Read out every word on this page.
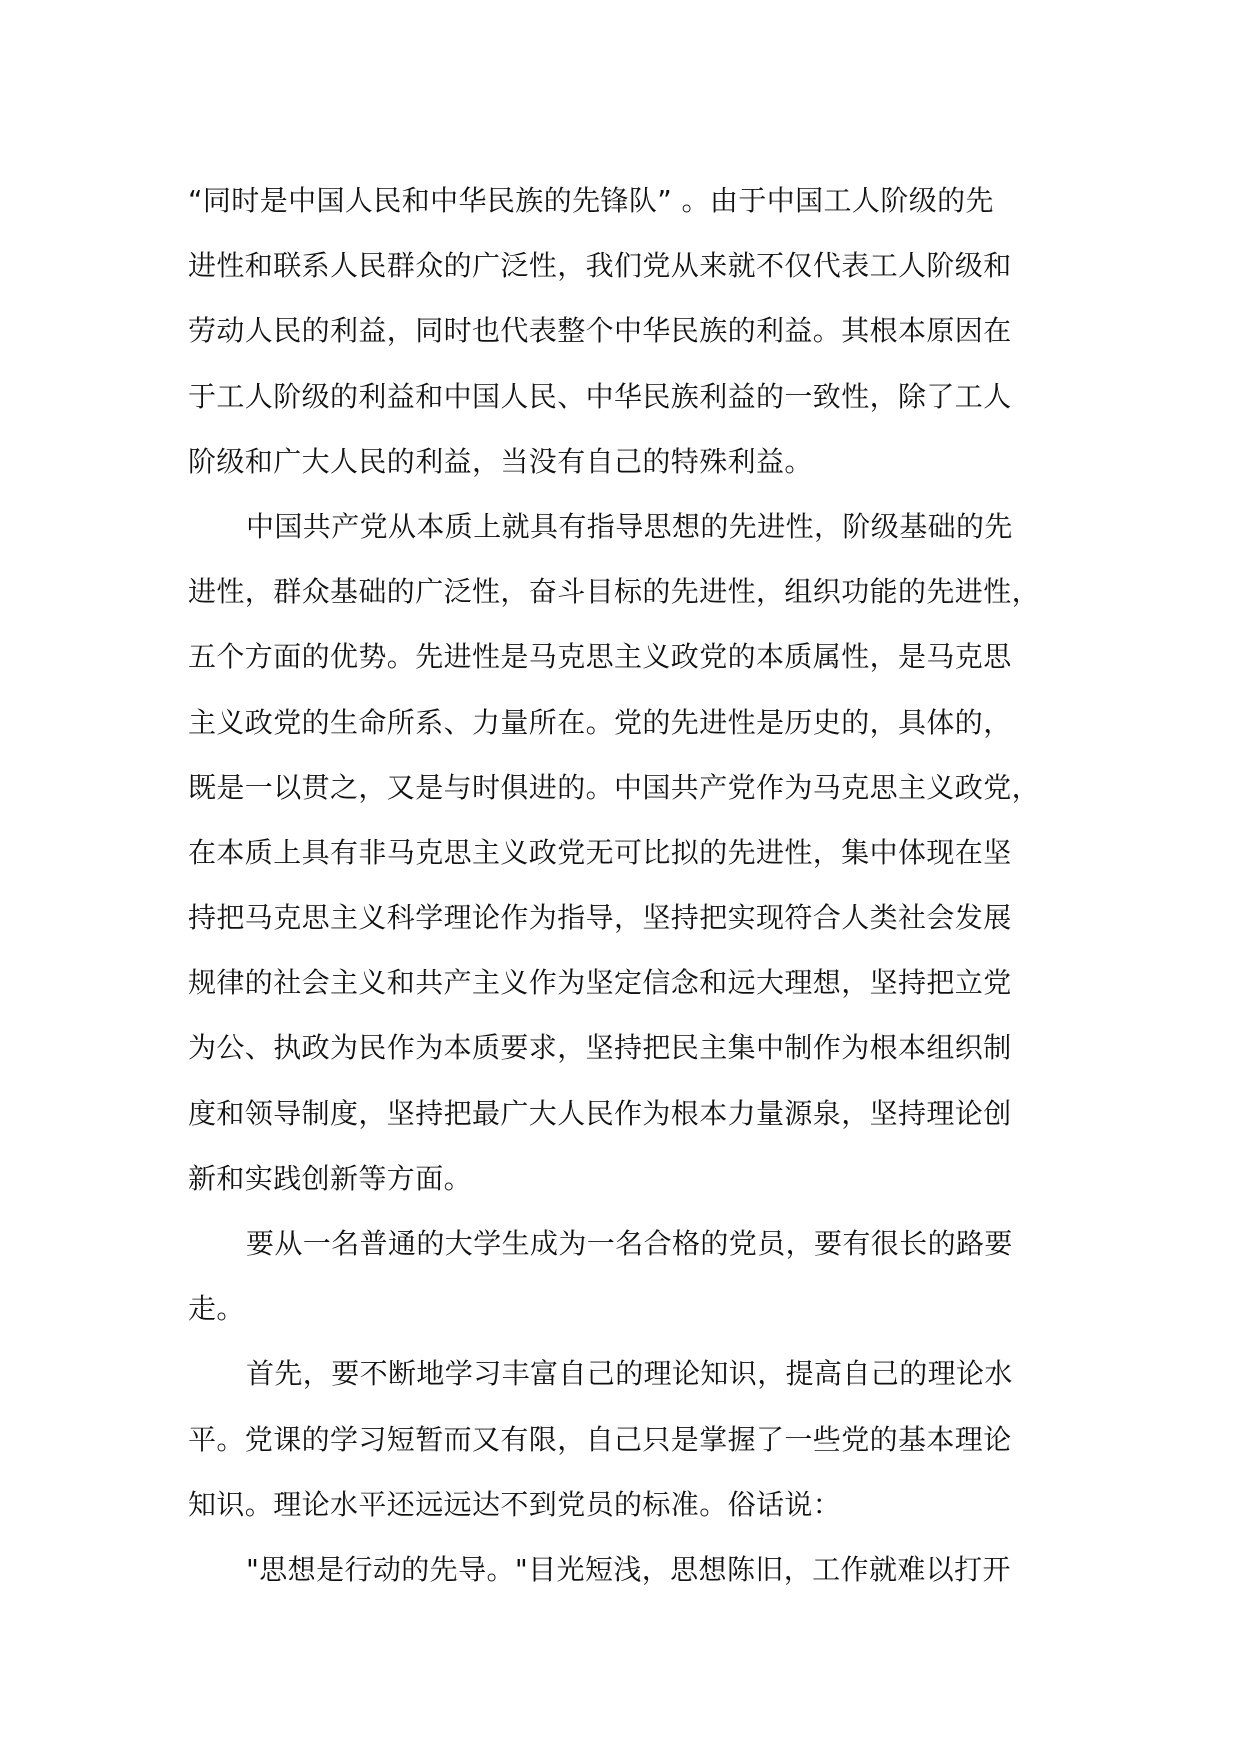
“同时是中国人民和中华民族的先锋队” 。由于中国工人阶级的先
进性和联系人民群众的广泛性，我们党从来就不仅代表工人阶级和
劳动人民的利益，同时也代表整个中华民族的利益。其根本原因在
于工人阶级的利益和中国人民、中华民族利益的一致性，除了工人
阶级和广大人民的利益，当没有自己的特殊利益。
中国共产党从本质上就具有指导思想的先进性，阶级基础的先
进性，群众基础的广泛性，奋斗目标的先进性，组织功能的先进性，
五个方面的优势。先进性是马克思主义政党的本质属性，是马克思
主义政党的生命所系、力量所在。党的先进性是历史的，具体的，
既是一以贯之，又是与时俱进的。中国共产党作为马克思主义政党，
在本质上具有非马克思主义政党无可比拟的先进性，集中体现在坚
持把马克思主义科学理论作为指导，坚持把实现符合人类社会发展
规律的社会主义和共产主义作为坚定信念和远大理想，坚持把立党
为公、执政为民作为本质要求，坚持把民主集中制作为根本组织制
度和领导制度，坚持把最广大人民作为根本力量源泉，坚持理论创
新和实践创新等方面。
要从一名普通的大学生成为一名合格的党员，要有很长的路要
走。
首先，要不断地学习丰富自己的理论知识，提高自己的理论水
平。党课的学习短暂而又有限，自己只是掌握了一些党的基本理论
知识。理论水平还远远达不到党员的标准。俗话说：
"思想是行动的先导。"目光短浅，思想陈旧，工作就难以打开
